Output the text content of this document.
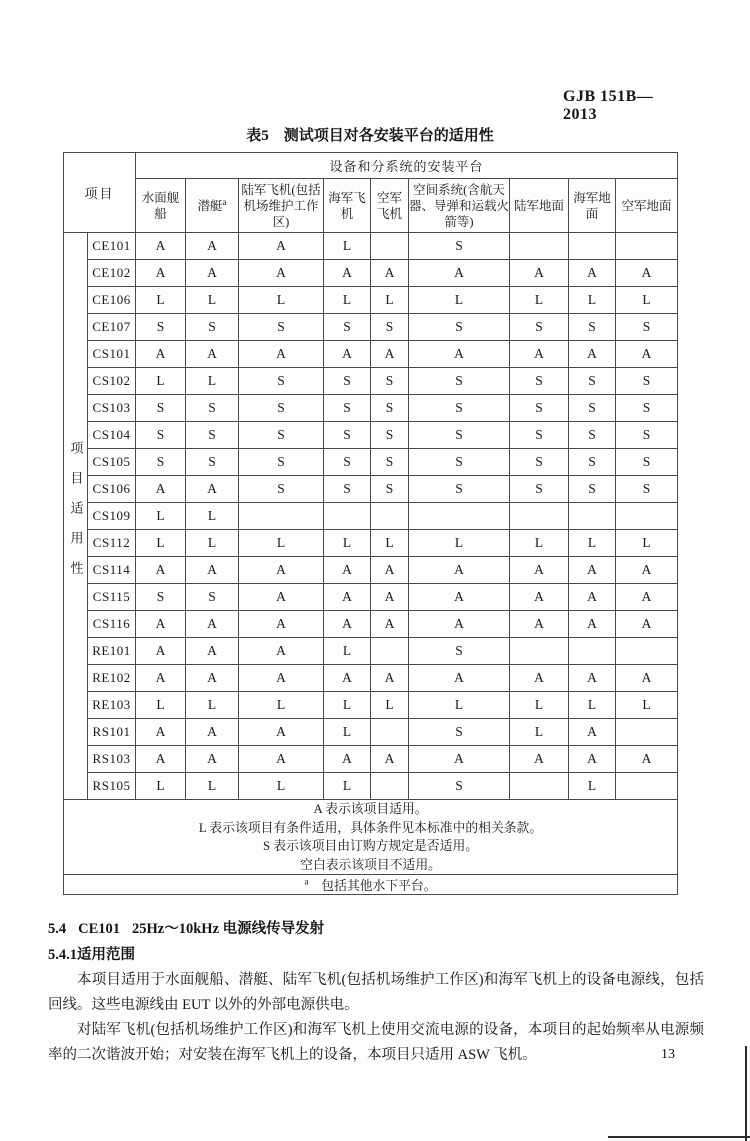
GJB 151B—2013
表5　测试项目对各安装平台的适用性
项目		设备和分系统的安装平台								
		水面舰船	潜艇$^a$	陆军飞机(包括机场维护工作区)	海军飞机	空军飞机	空间系统(含航天器、导弹和运载火箭等)	陆军地面	海军地面	空军地面

项目适用性	CE101	A	A	A	L		S			
	CE102	A	A	A	A	A	A	A	A	A
	CE106	L	L	L	L	L	L	L	L	L
	CE107	S	S	S	S	S	S	S	S	S
	CS101	A	A	A	A	A	A	A	A	A
	CS102	L	L	S	S	S	S	S	S	S
	CS103	S	S	S	S	S	S	S	S	S
	CS104	S	S	S	S	S	S	S	S	S
	CS105	S	S	S	S	S	S	S	S	S
	CS106	A	A	S	S	S	S	S	S	S
	CS109	L	L							
	CS112	L	L	L	L	L	L	L	L	L
	CS114	A	A	A	A	A	A	A	A	A
	CS115	S	S	A	A	A	A	A	A	A
	CS116	A	A	A	A	A	A	A	A	A
	RE101	A	A	A	L		S			
	RE102	A	A	A	A	A	A	A	A	A
	RE103	L	L	L	L	L	L	L	L	L
	RS101	A	A	A	L		S	L	A	
	RS103	A	A	A	A	A	A	A	A	A
	RS105	L	L	L	L		S		L	

A 表示该项目适用。
L 表示该项目有条件适用，具体条件见本标准中的相关条款。
S 表示该项目由订购方规定是否适用。
空白表示该项目不适用。										

$^a$　包括其他水下平台。										
5.4 CE101 25Hz～10kHz 电源线传导发射
5.4.1适用范围

本项目适用于水面舰船、潜艇、陆军飞机(包括机场维护工作区)和海军飞机上的设备电源线，包括回线。这些电源线由 EUT 以外的外部电源供电。

对陆军飞机(包括机场维护工作区)和海军飞机上使用交流电源的设备，本项目的起始频率从电源频率的二次谐波开始；对安装在海军飞机上的设备，本项目只适用 ASW 飞机。	13
